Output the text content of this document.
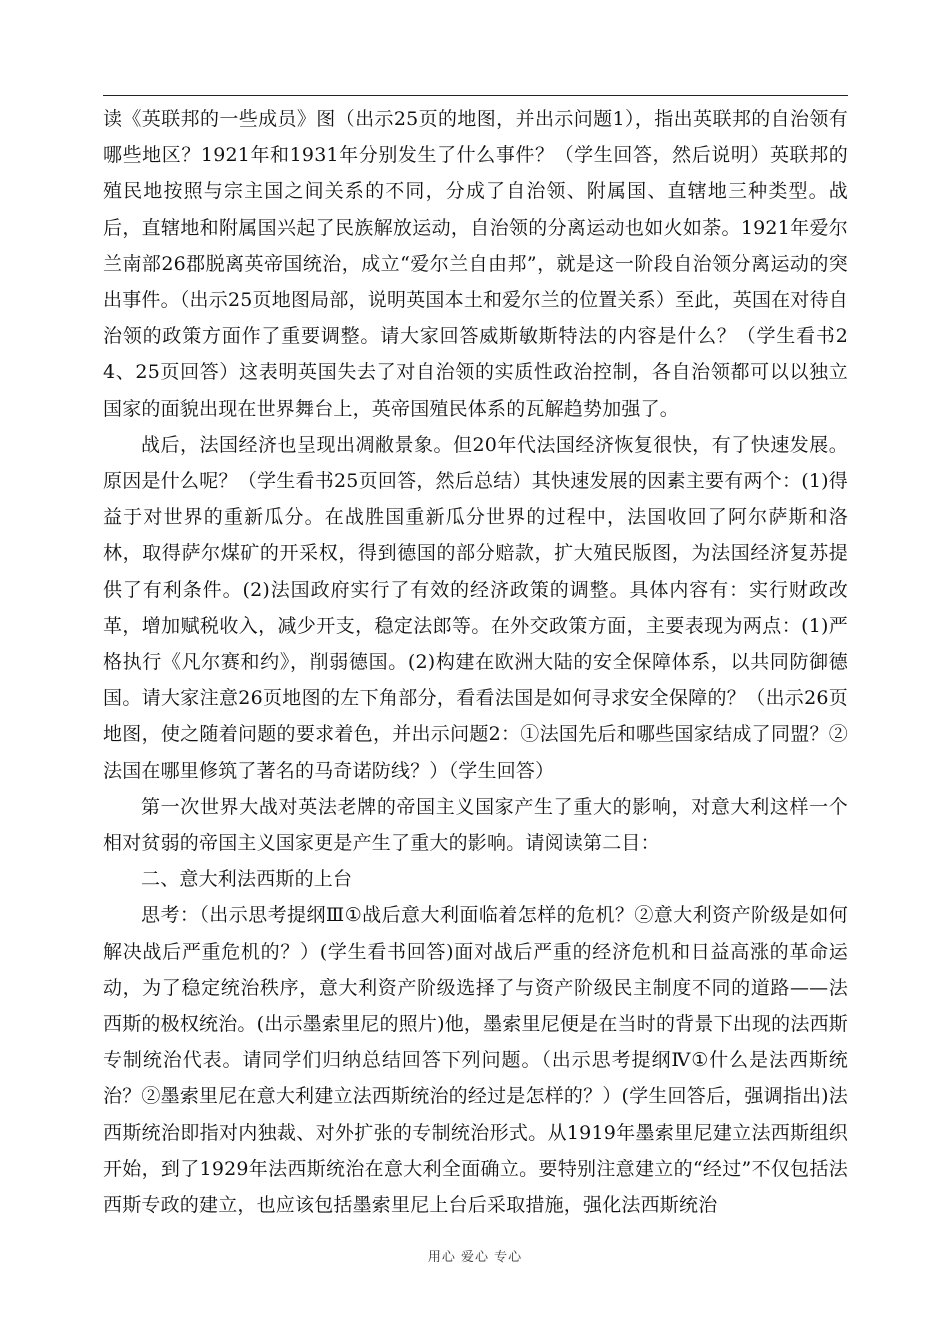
读《英联邦的一些成员》图（出示25页的地图，并出示问题1），指出英联邦的自治领有哪些地区？1921年和1931年分别发生了什么事件？（学生回答，然后说明）英联邦的殖民地按照与宗主国之间关系的不同，分成了自治领、附属国、直辖地三种类型。战后，直辖地和附属国兴起了民族解放运动，自治领的分离运动也如火如荼。1921年爱尔兰南部26郡脱离英帝国统治，成立“爱尔兰自由邦”，就是这一阶段自治领分离运动的突出事件。（出示25页地图局部，说明英国本土和爱尔兰的位置关系）至此，英国在对待自治领的政策方面作了重要调整。请大家回答威斯敏斯特法的内容是什么？（学生看书24、25页回答）这表明英国失去了对自治领的实质性政治控制，各自治领都可以以独立国家的面貌出现在世界舞台上，英帝国殖民体系的瓦解趋势加强了。

战后，法国经济也呈现出凋敝景象。但20年代法国经济恢复很快，有了快速发展。原因是什么呢？（学生看书25页回答，然后总结）其快速发展的因素主要有两个：(1)得益于对世界的重新瓜分。在战胜国重新瓜分世界的过程中，法国收回了阿尔萨斯和洛林，取得萨尔煤矿的开采权，得到德国的部分赔款，扩大殖民版图，为法国经济复苏提供了有利条件。(2)法国政府实行了有效的经济政策的调整。具体内容有：实行财政改革，增加赋税收入，减少开支，稳定法郎等。在外交政策方面，主要表现为两点：(1)严格执行《凡尔赛和约》，削弱德国。(2)构建在欧洲大陆的安全保障体系，以共同防御德国。请大家注意26页地图的左下角部分，看看法国是如何寻求安全保障的？（出示26页地图，使之随着问题的要求着色，并出示问题2：①法国先后和哪些国家结成了同盟？②法国在哪里修筑了著名的马奇诺防线？）（学生回答）

第一次世界大战对英法老牌的帝国主义国家产生了重大的影响，对意大利这样一个相对贫弱的帝国主义国家更是产生了重大的影响。请阅读第二目：

二、意大利法西斯的上台

思考：（出示思考提纲Ⅲ①战后意大利面临着怎样的危机？②意大利资产阶级是如何解决战后严重危机的？）(学生看书回答)面对战后严重的经济危机和日益高涨的革命运动，为了稳定统治秩序，意大利资产阶级选择了与资产阶级民主制度不同的道路——法西斯的极权统治。(出示墨索里尼的照片)他，墨索里尼便是在当时的背景下出现的法西斯专制统治代表。请同学们归纳总结回答下列问题。（出示思考提纲Ⅳ①什么是法西斯统治？②墨索里尼在意大利建立法西斯统治的经过是怎样的？）(学生回答后，强调指出)法西斯统治即指对内独裁、对外扩张的专制统治形式。从1919年墨索里尼建立法西斯组织开始，到了1929年法西斯统治在意大利全面确立。要特别注意建立的“经过”不仅包括法西斯专政的建立，也应该包括墨索里尼上台后采取措施，强化法西斯统治

用心 爱心 专心
